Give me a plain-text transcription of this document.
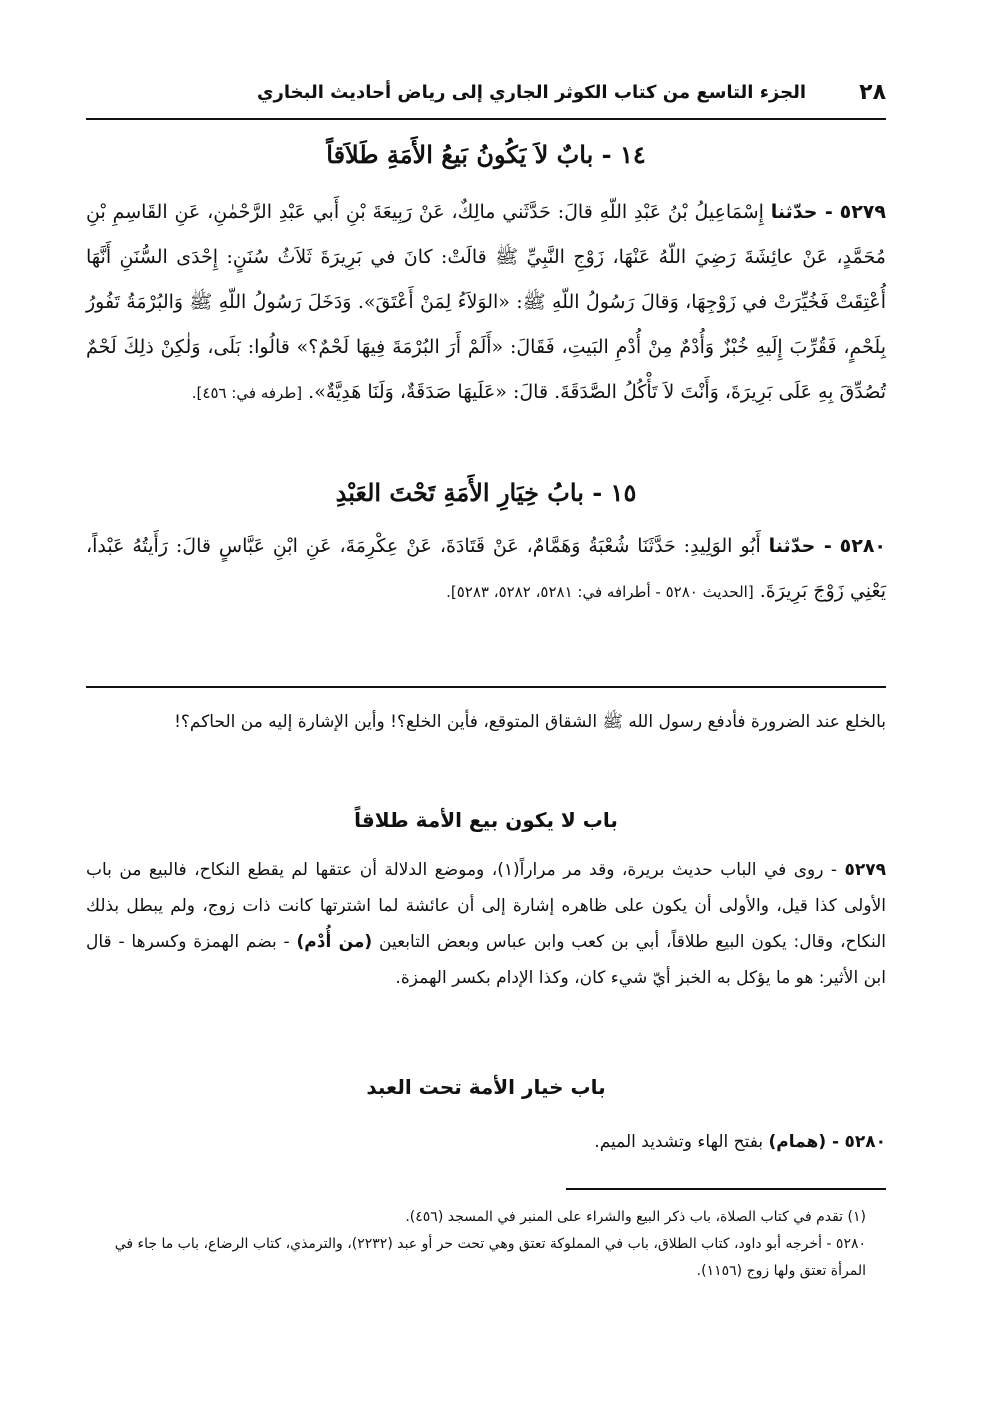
٢٨
الجزء التاسع من كتاب الكوثر الجاري إلى رياض أحاديث البخاري
١٤ - بابٌ لاَ يَكُونُ بَيعُ الأَمَةِ طَلاَقاً

٥٢٧٩ - حدّثنا إِسْمَاعِيلُ بْنُ عَبْدِ اللّهِ قالَ: حَدَّثَني مالِكٌ، عَنْ رَبِيعَةَ بْنِ أَبي عَبْدِ الرَّحْمٰنِ، عَنِ القَاسِمِ بْنِ مُحَمَّدٍ، عَنْ عائِشَةَ رَضِيَ اللّهُ عَنْهَا، زَوْجِ النَّبِيِّ ﷺ قالَتْ: كانَ في بَرِيرَةَ ثَلاَثُ سُنَنٍ: إِحْدَى السُّنَنِ أَنَّهَا أُعْتِقَتْ فَخُيِّرَتْ في زَوْجِهَا، وَقالَ رَسُولُ اللّهِ ﷺ: «الوَلاَءُ لِمَنْ أَعْتَقَ». وَدَخَلَ رَسُولُ اللّهِ ﷺ وَالبُرْمَةُ تَفُورُ بِلَحْمٍ، فَقُرِّبَ إِلَيهِ خُبْزٌ وَأُدْمٌ مِنْ أُدْمِ البَيتِ، فَقَالَ: «أَلَمْ أَرَ البُرْمَةَ فِيهَا لَحْمٌ؟» قالُوا: بَلَى، وَلٰكِنْ ذلِكَ لَحْمٌ تُصُدِّقَ بِهِ عَلَى بَرِيرَةَ، وَأَنْتَ لاَ تَأْكُلُ الصَّدَقَةَ. قالَ: «عَلَيهَا صَدَقَةٌ، وَلَنَا هَدِيَّةٌ». [طرفه في: ٤٥٦].

١٥ - بابُ خِيَارِ الأَمَةِ تَحْتَ العَبْدِ

٥٢٨٠ - حدّثنا أَبُو الوَلِيدِ: حَدَّثَنَا شُعْبَةُ وَهَمَّامٌ، عَنْ قَتَادَةَ، عَنْ عِكْرِمَةَ، عَنِ ابْنِ عَبَّاسٍ قالَ: رَأَيتُهُ عَبْداً، يَعْنِي زَوْجَ بَرِيرَةَ. [الحديث ٥٢٨٠ - أطرافه في: ٥٢٨١، ٥٢٨٢، ٥٢٨٣].

بالخلع عند الضرورة فأدفع رسول الله ﷺ الشقاق المتوقع، فأين الخلع؟! وأين الإشارة إليه من الحاكم؟!

باب لا يكون بيع الأمة طلاقاً

٥٢٧٩ - روى في الباب حديث بريرة، وقد مر مراراً(١)، وموضع الدلالة أن عتقها لم يقطع النكاح، فالبيع من باب الأولى كذا قيل، والأولى أن يكون على ظاهره إشارة إلى أن عائشة لما اشترتها كانت ذات زوج، ولم يبطل بذلك النكاح، وقال: يكون البيع طلاقاً، أبي بن كعب وابن عباس وبعض التابعين (من أُدْم) - بضم الهمزة وكسرها - قال ابن الأثير: هو ما يؤكل به الخبز أيّ شيء كان، وكذا الإدام بكسر الهمزة.

باب خيار الأمة تحت العبد

٥٢٨٠ - (همام) بفتح الهاء وتشديد الميم.

(١) تقدم في كتاب الصلاة، باب ذكر البيع والشراء على المنبر في المسجد (٤٥٦).

٥٢٨٠ - أخرجه أبو داود، كتاب الطلاق، باب في المملوكة تعتق وهي تحت حر أو عبد (٢٢٣٢)، والترمذي، كتاب الرضاع، باب ما جاء في المرأة تعتق ولها زوج (١١٥٦).
